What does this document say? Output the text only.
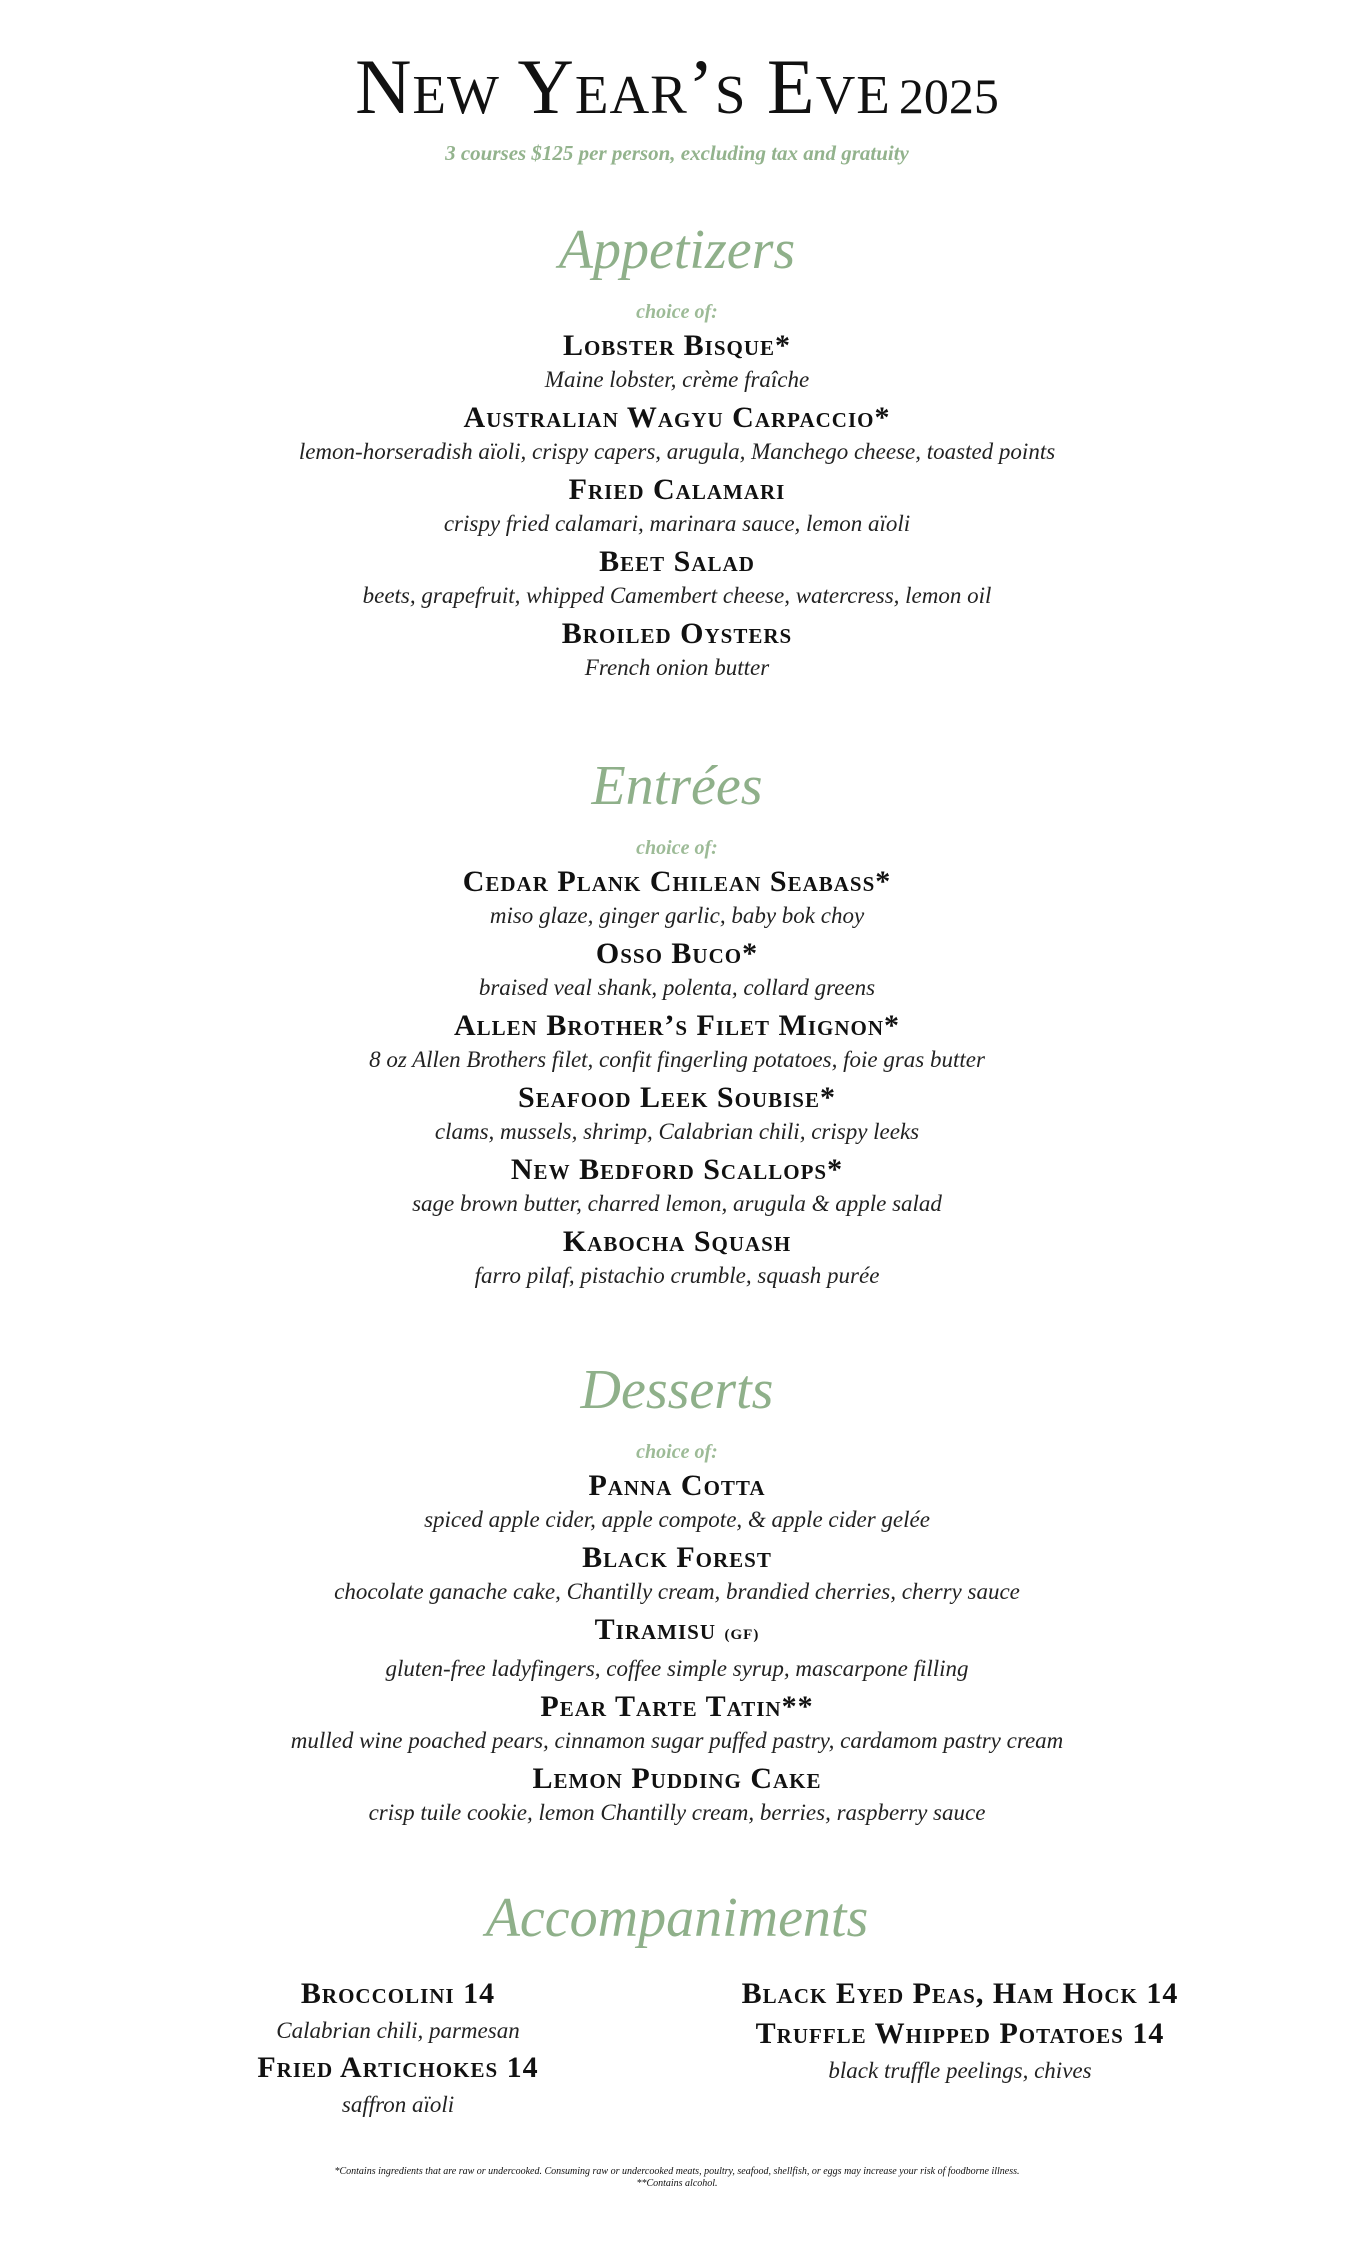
New Year’s Eve 2025
3 courses $125 per person, excluding tax and gratuity
Appetizers
choice of:
Lobster Bisque*
Maine lobster, crème fraîche
Australian Wagyu Carpaccio*
lemon-horseradish aïoli, crispy capers, arugula, Manchego cheese, toasted points
Fried Calamari
crispy fried calamari, marinara sauce, lemon aïoli
Beet Salad
beets, grapefruit, whipped Camembert cheese, watercress, lemon oil
Broiled Oysters
French onion butter
Entrées
choice of:
Cedar Plank Chilean Seabass*
miso glaze, ginger garlic, baby bok choy
Osso Buco*
braised veal shank, polenta, collard greens
Allen Brother’s Filet Mignon*
8 oz Allen Brothers filet, confit fingerling potatoes, foie gras butter
Seafood Leek Soubise*
clams, mussels, shrimp, Calabrian chili, crispy leeks
New Bedford Scallops*
sage brown butter, charred lemon, arugula & apple salad
Kabocha Squash
farro pilaf, pistachio crumble, squash purée
Desserts
choice of:
Panna Cotta
spiced apple cider, apple compote, & apple cider gelée
Black Forest
chocolate ganache cake, Chantilly cream, brandied cherries, cherry sauce
Tiramisu (GF)
gluten-free ladyfingers, coffee simple syrup, mascarpone filling
Pear Tarte Tatin**
mulled wine poached pears, cinnamon sugar puffed pastry, cardamom pastry cream
Lemon Pudding Cake
crisp tuile cookie, lemon Chantilly cream, berries, raspberry sauce
Accompaniments
Broccolini 14
Calabrian chili, parmesan
Fried Artichokes 14
saffron aïoli
Black Eyed Peas, Ham Hock 14
Truffle Whipped Potatoes 14
black truffle peelings, chives
*Contains ingredients that are raw or undercooked. Consuming raw or undercooked meats, poultry, seafood, shellfish, or eggs may increase your risk of foodborne illness.
**Contains alcohol.
